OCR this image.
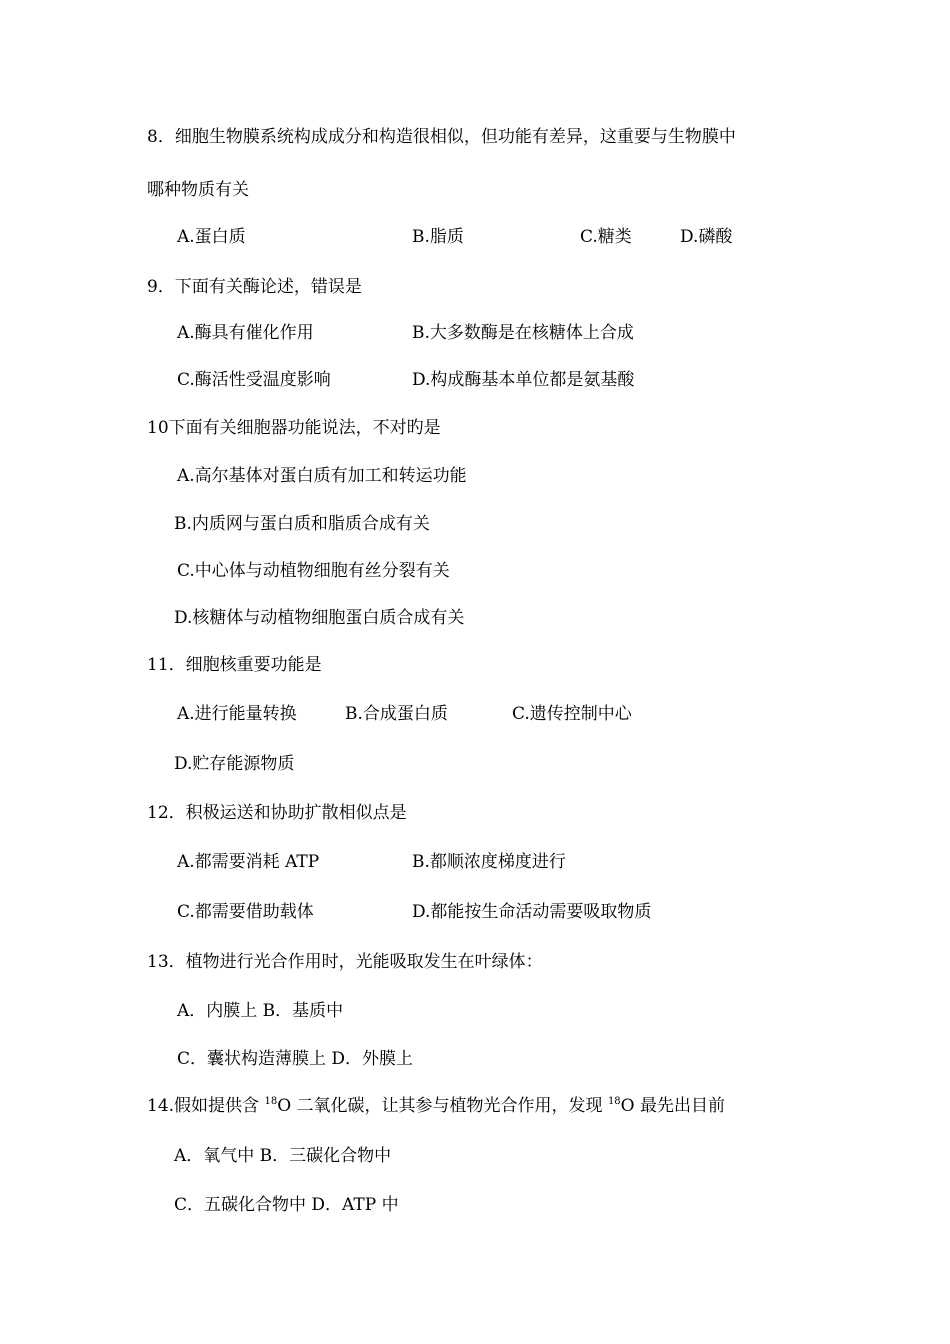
8．细胞生物膜系统构成成分和构造很相似，但功能有差异，这重要与生物膜中
哪种物质有关
A.蛋白质	B.脂质	C.糖类	D.磷酸
9．下面有关酶论述，错误是
A.酶具有催化作用	B.大多数酶是在核糖体上合成
C.酶活性受温度影响	D.构成酶基本单位都是氨基酸
10下面有关细胞器功能说法，不对旳是
A.高尔基体对蛋白质有加工和转运功能
B.内质网与蛋白质和脂质合成有关
C.中心体与动植物细胞有丝分裂有关
D.核糖体与动植物细胞蛋白质合成有关
11．细胞核重要功能是
A.进行能量转换	B.合成蛋白质	C.遗传控制中心
D.贮存能源物质
12．积极运送和协助扩散相似点是
A.都需要消耗 ATP	B.都顺浓度梯度进行
C.都需要借助载体	D.都能按生命活动需要吸取物质
13．植物进行光合作用时，光能吸取发生在叶绿体：
A．内膜上 B．基质中
C．囊状构造薄膜上 D．外膜上
14.假如提供含 $^{18}$O 二氧化碳，让其参与植物光合作用，发现 $^{18}$O 最先出目前
A．氧气中 B．三碳化合物中
C．五碳化合物中 D．ATP 中
